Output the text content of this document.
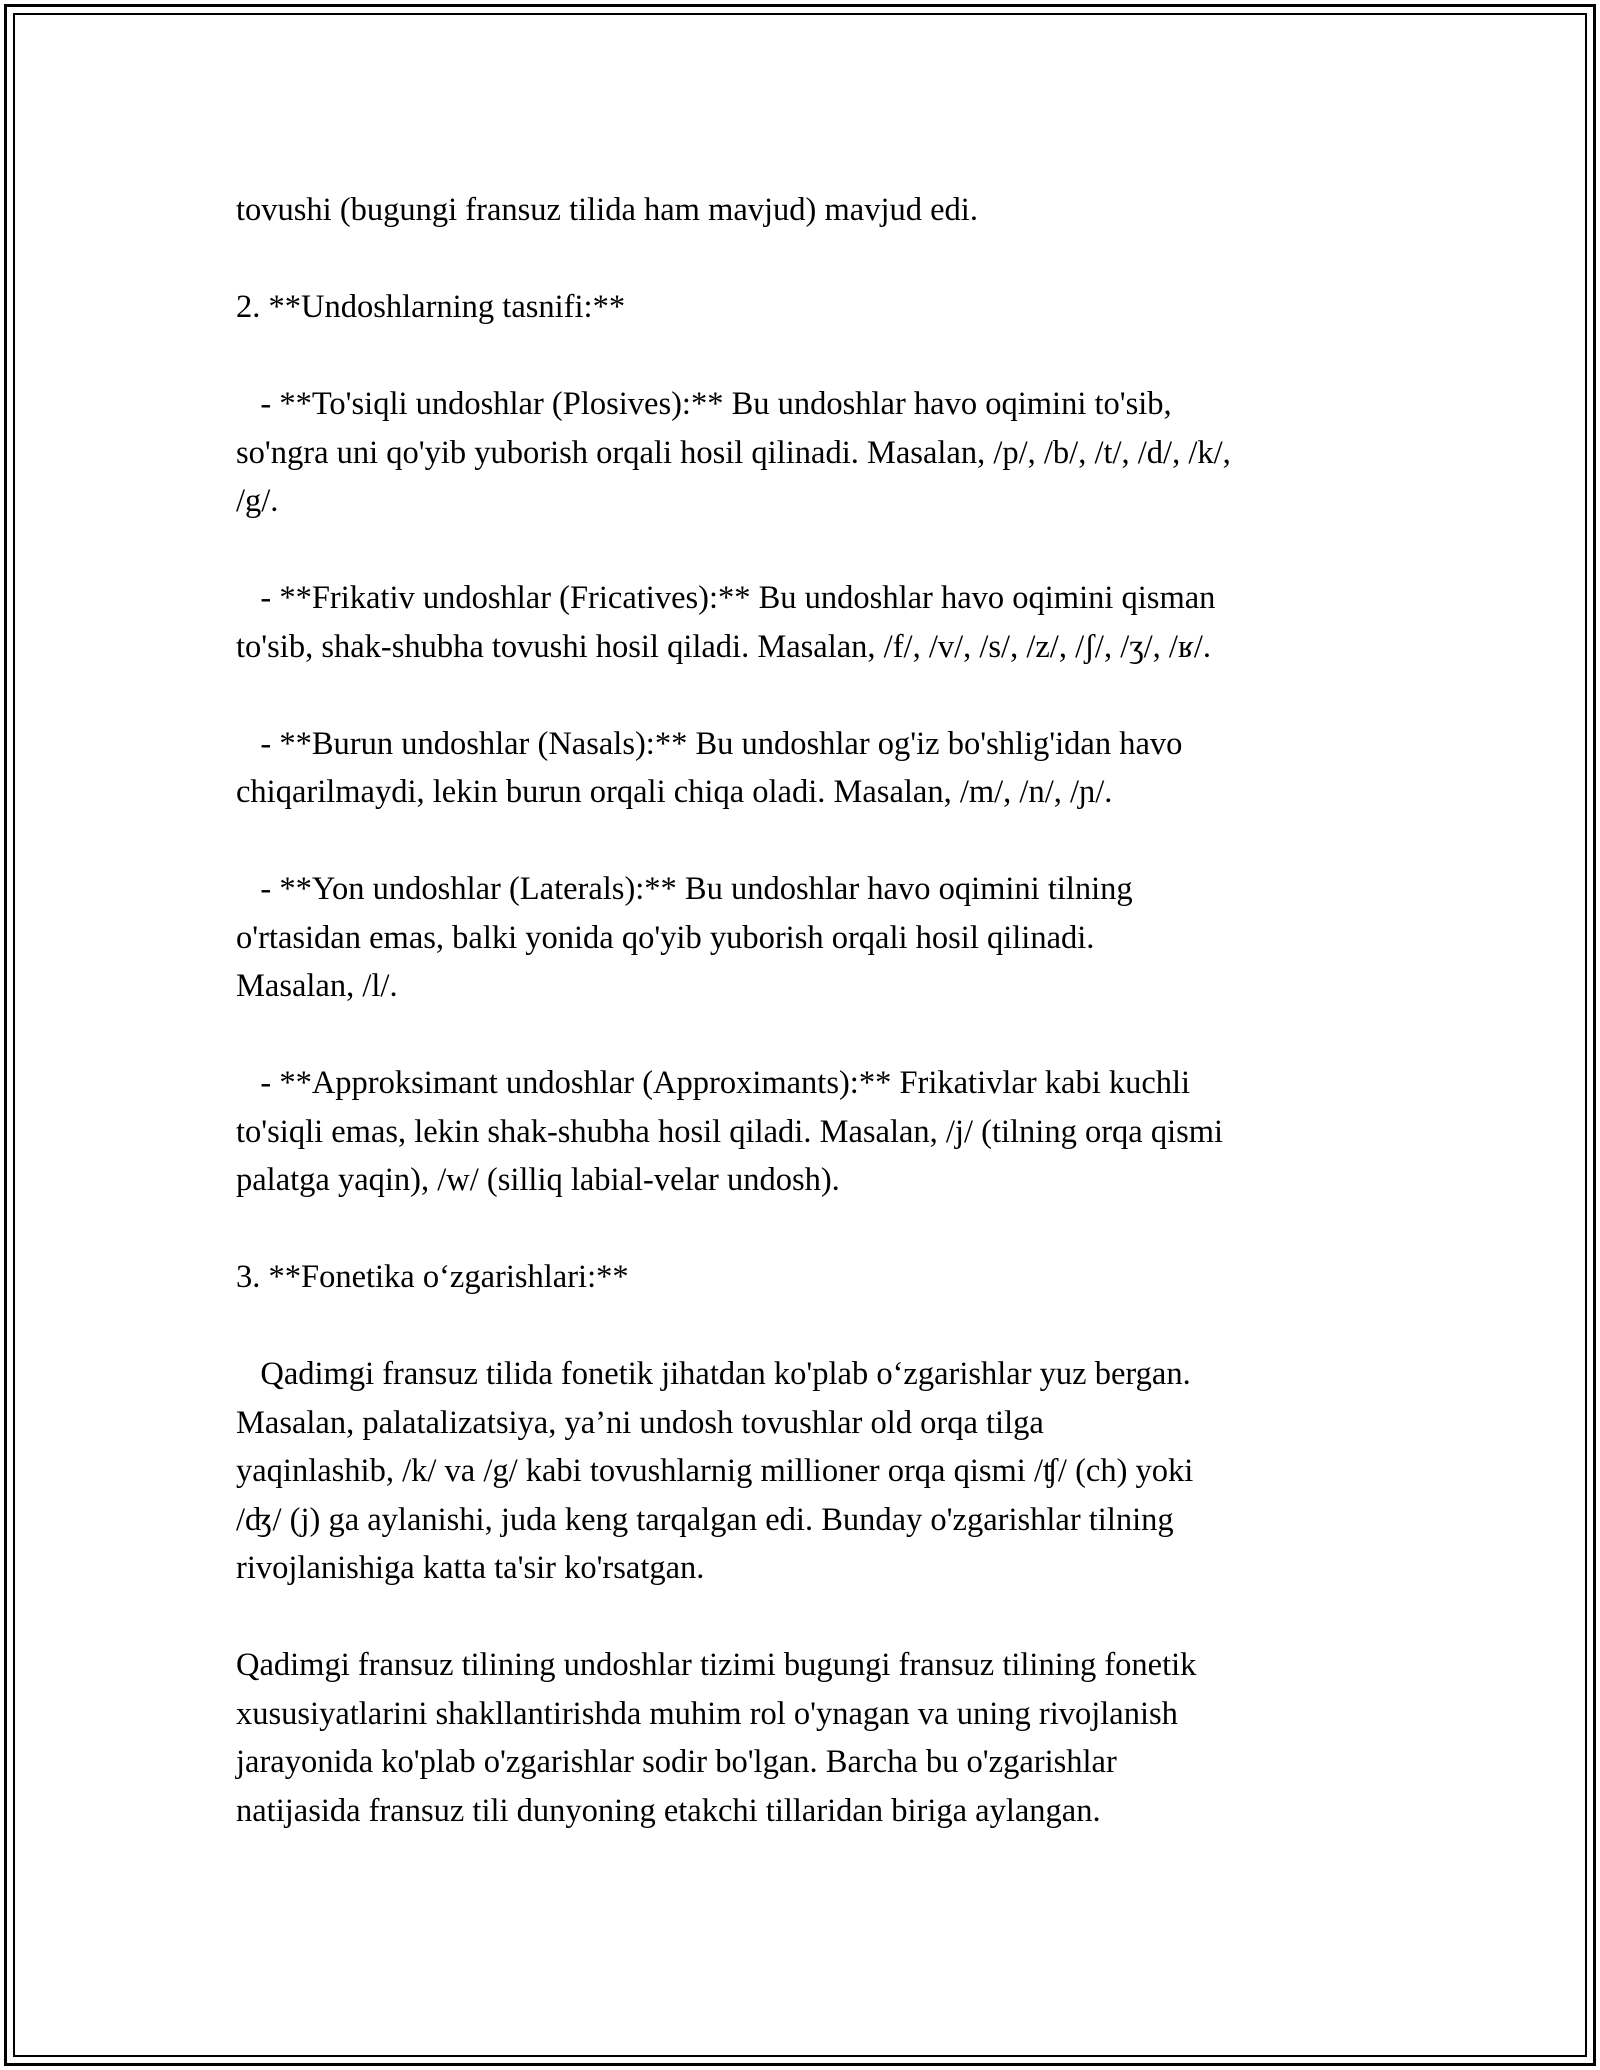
tovushi (bugungi fransuz tilida ham mavjud) mavjud edi.

2. **Undoshlarning tasnifi:**

- **To'siqli undoshlar (Plosives):** Bu undoshlar havo oqimini to'sib,
so'ngra uni qo'yib yuborish orqali hosil qilinadi. Masalan, /p/, /b/, /t/, /d/, /k/,
/g/.

- **Frikativ undoshlar (Fricatives):** Bu undoshlar havo oqimini qisman
to'sib, shak-shubha tovushi hosil qiladi. Masalan, /f/, /v/, /s/, /z/, /ʃ/, /ʒ/, /ʁ/.

- **Burun undoshlar (Nasals):** Bu undoshlar og'iz bo'shlig'idan havo
chiqarilmaydi, lekin burun orqali chiqa oladi. Masalan, /m/, /n/, /ɲ/.

- **Yon undoshlar (Laterals):** Bu undoshlar havo oqimini tilning
o'rtasidan emas, balki yonida qo'yib yuborish orqali hosil qilinadi.
Masalan, /l/.

- **Approksimant undoshlar (Approximants):** Frikativlar kabi kuchli
to'siqli emas, lekin shak-shubha hosil qiladi. Masalan, /j/ (tilning orqa qismi
palatga yaqin), /w/ (silliq labial-velar undosh).

3. **Fonetika o‘zgarishlari:**

Qadimgi fransuz tilida fonetik jihatdan ko'plab o‘zgarishlar yuz bergan.
Masalan, palatalizatsiya, ya’ni undosh tovushlar old orqa tilga
yaqinlashib, /k/ va /g/ kabi tovushlarnig millioner orqa qismi /ʧ/ (ch) yoki
/ʤ/ (j) ga aylanishi, juda keng tarqalgan edi. Bunday o'zgarishlar tilning
rivojlanishiga katta ta'sir ko'rsatgan.

Qadimgi fransuz tilining undoshlar tizimi bugungi fransuz tilining fonetik
xususiyatlarini shakllantirishda muhim rol o'ynagan va uning rivojlanish
jarayonida ko'plab o'zgarishlar sodir bo'lgan. Barcha bu o'zgarishlar
natijasida fransuz tili dunyoning etakchi tillaridan biriga aylangan.
